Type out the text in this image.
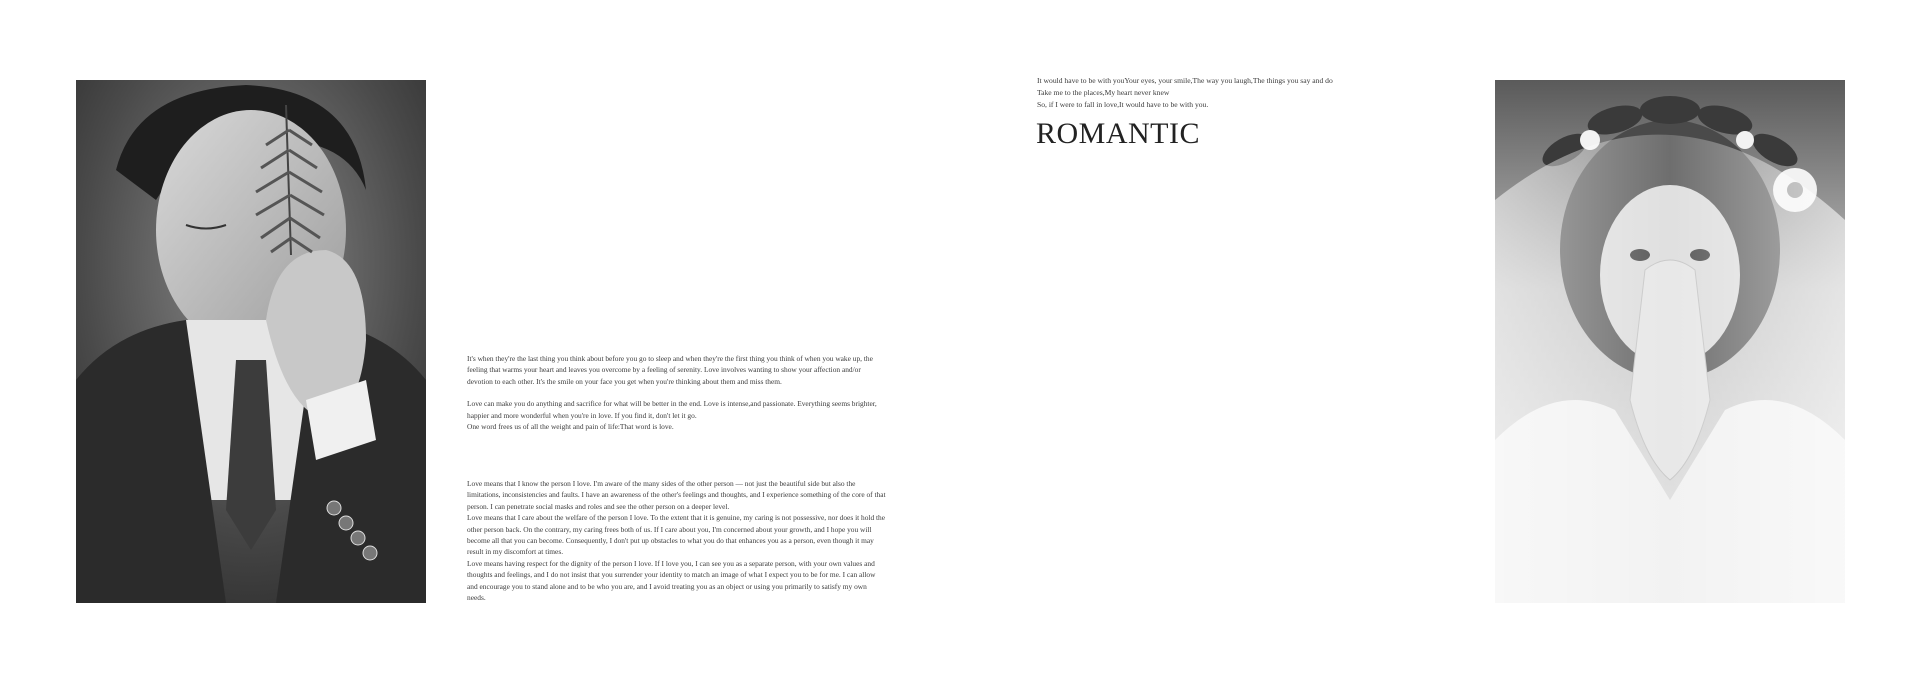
It's when they're the last thing you think about before you go to sleep and when they're the first thing you think of when you wake up, the feeling that warms your heart and leaves you overcome by a feeling of serenity. Love involves wanting to show your affection and/or devotion to each other. It's the smile on your face you get when you're thinking about them and miss them.

Love can make you do anything and sacrifice for what will be better in the end. Love is intense,and passionate. Everything seems brighter, happier and more wonderful when you're in love. If you find it, don't let it go.
One word frees us of all the weight and pain of life:That word is love.

Love means that I know the person I love. I'm aware of the many sides of the other person — not just the beautiful side but also the limitations, inconsistencies and faults. I have an awareness of the other's feelings and thoughts, and I experience something of the core of that person. I can penetrate social masks and roles and see the other person on a deeper level.
Love means that I care about the welfare of the person I love. To the extent that it is genuine, my caring is not possessive, nor does it hold the other person back. On the contrary, my caring frees both of us. If I care about you, I'm concerned about your growth, and I hope you will become all that you can become. Consequently, I don't put up obstacles to what you do that enhances you as a person, even though it may result in my discomfort at times.
Love means having respect for the dignity of the person I love. If I love you, I can see you as a separate person, with your own values and thoughts and feelings, and I do not insist that you surrender your identity to match an image of what I expect you to be for me. I can allow and encourage you to stand alone and to be who you are, and I avoid treating you as an object or using you primarily to satisfy my own needs.

It would have to be with youYour eyes, your smile,The way you laugh,The things you say and do
Take me to the places,My heart never knew
So, if I were to fall in love,It would have to be with you.
ROMANTIC
